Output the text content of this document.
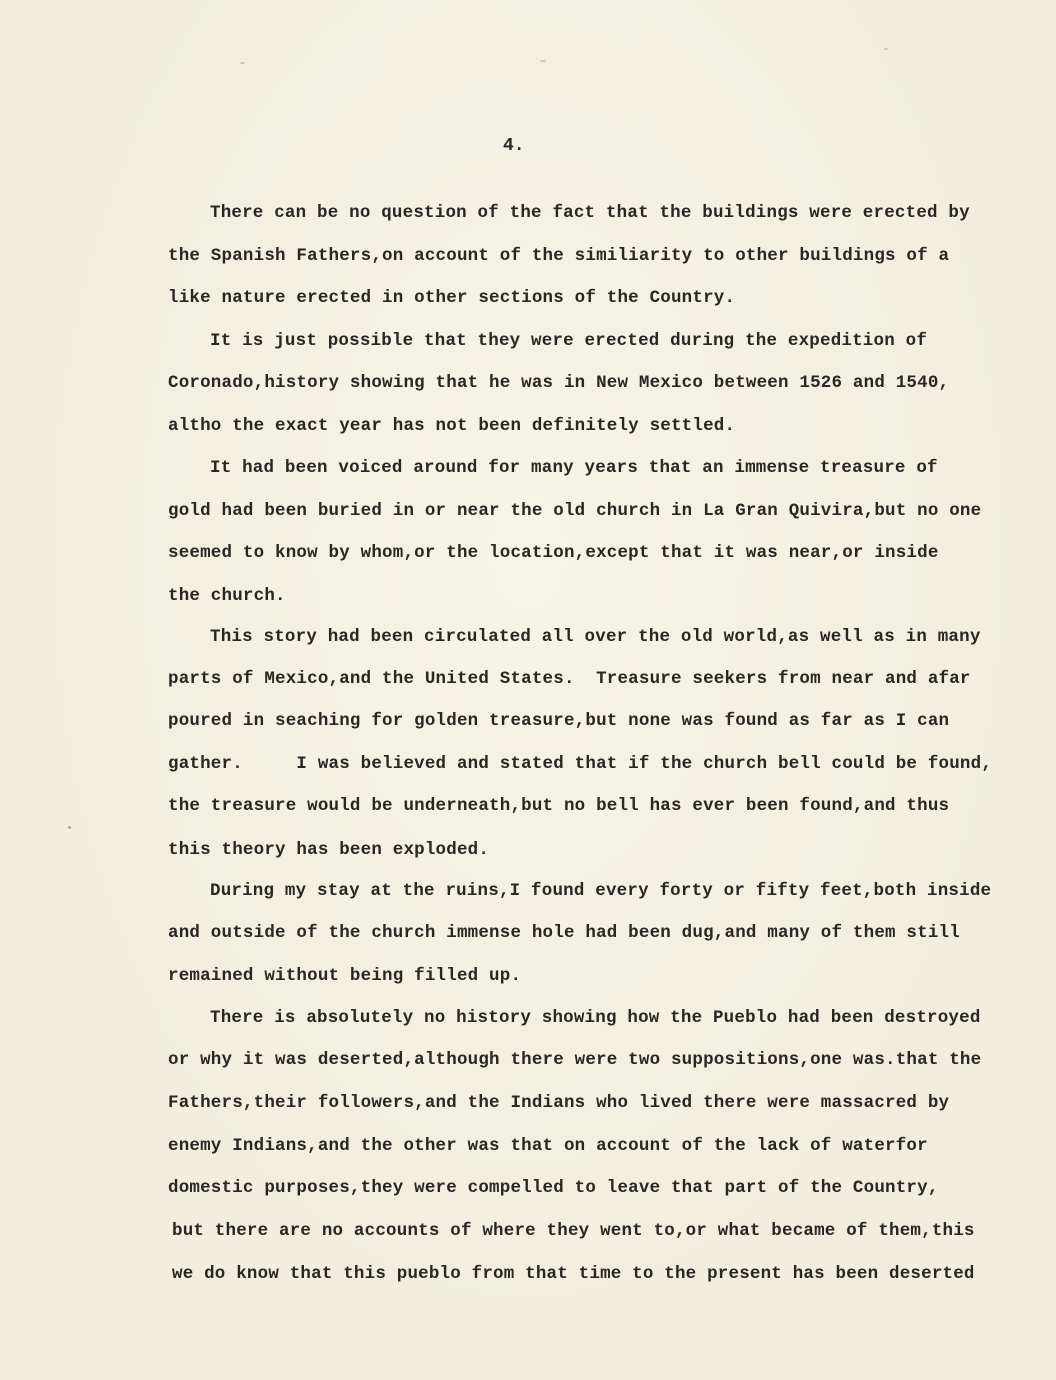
4.
There can be no question of the fact that the buildings were erected by
the Spanish Fathers,on account of the similiarity to other buildings of a
like nature erected in other sections of the Country.
It is just possible that they were erected during the expedition of
Coronado,history showing that he was in New Mexico between 1526 and 1540,
altho the exact year has not been definitely settled.
It had been voiced around for many years that an immense treasure of
gold had been buried in or near the old church in La Gran Quivira,but no one
seemed to know by whom,or the location,except that it was near,or inside
the church.
This story had been circulated all over the old world,as well as in many
parts of Mexico,and the United States.  Treasure seekers from near and afar
poured in seaching for golden treasure,but none was found as far as I can
gather.     I was believed and stated that if the church bell could be found,
the treasure would be underneath,but no bell has ever been found,and thus
this theory has been exploded.
During my stay at the ruins,I found every forty or fifty feet,both inside
and outside of the church immense hole had been dug,and many of them still
remained without being filled up.
There is absolutely no history showing how the Pueblo had been destroyed
or why it was deserted,although there were two suppositions,one was.that the
Fathers,their followers,and the Indians who lived there were massacred by
enemy Indians,and the other was that on account of the lack of waterfor
domestic purposes,they were compelled to leave that part of the Country,
but there are no accounts of where they went to,or what became of them,this
we do know that this pueblo from that time to the present has been deserted
